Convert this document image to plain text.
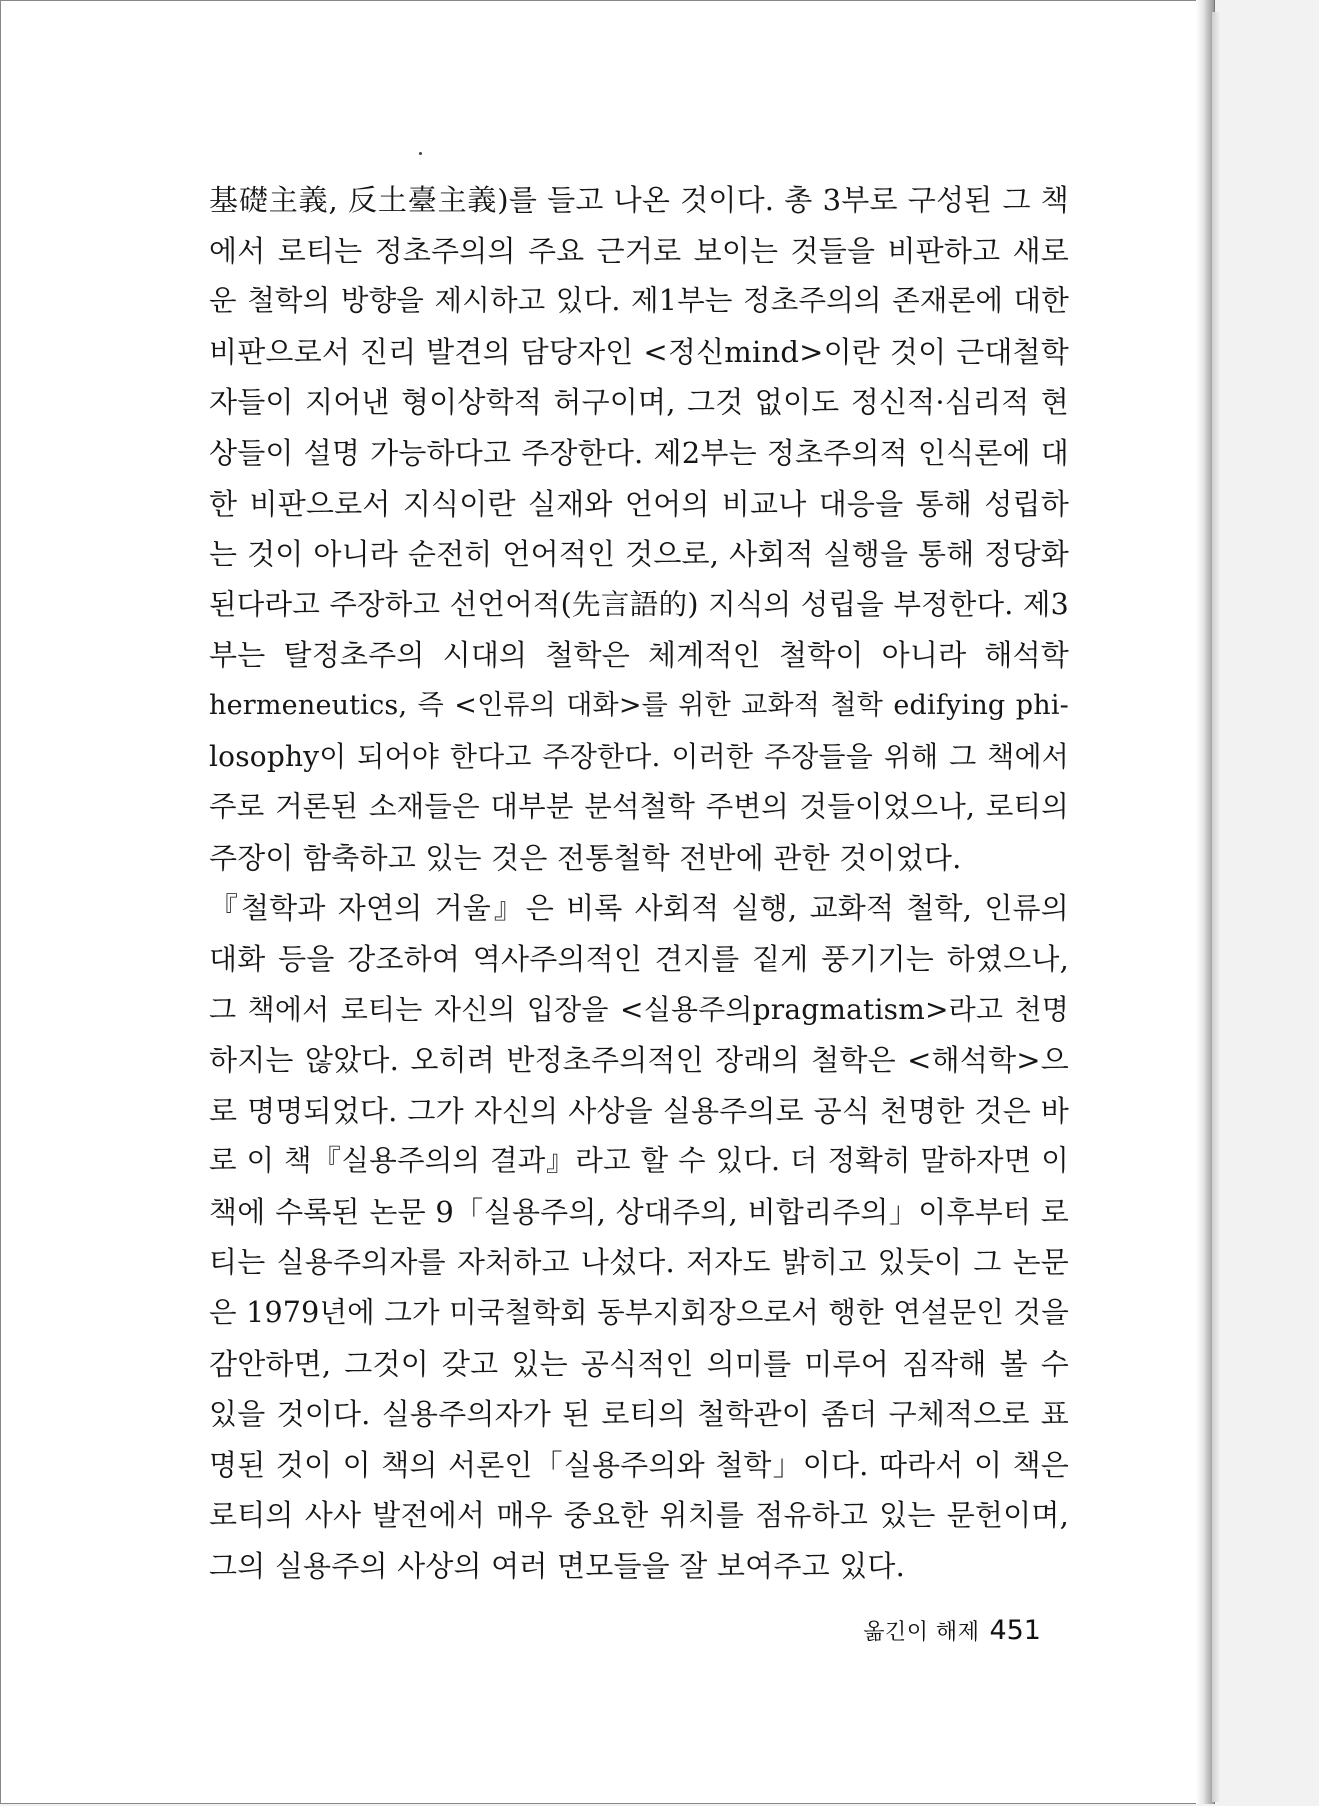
基礎主義, 反土臺主義)를 들고 나온 것이다. 총 3부로 구성된 그 책
에서 로티는 정초주의의 주요 근거로 보이는 것들을 비판하고 새로
운 철학의 방향을 제시하고 있다. 제1부는 정초주의의 존재론에 대한
비판으로서 진리 발견의 담당자인 <정신mind>이란 것이 근대철학
자들이 지어낸 형이상학적 허구이며, 그것 없이도 정신적·심리적 현
상들이 설명 가능하다고 주장한다. 제2부는 정초주의적 인식론에 대
한 비판으로서 지식이란 실재와 언어의 비교나 대응을 통해 성립하
는 것이 아니라 순전히 언어적인 것으로, 사회적 실행을 통해 정당화
된다라고 주장하고 선언어적(先言語的) 지식의 성립을 부정한다. 제3
부는 탈정초주의 시대의 철학은 체계적인 철학이 아니라 해석학
hermeneutics, 즉 <인류의 대화>를 위한 교화적 철학 edifying phi-
losophy이 되어야 한다고 주장한다. 이러한 주장들을 위해 그 책에서
주로 거론된 소재들은 대부분 분석철학 주변의 것들이었으나, 로티의
주장이 함축하고 있는 것은 전통철학 전반에 관한 것이었다.
『철학과 자연의 거울』은 비록 사회적 실행, 교화적 철학, 인류의
대화 등을 강조하여 역사주의적인 견지를 짙게 풍기기는 하였으나,
그 책에서 로티는 자신의 입장을 <실용주의pragmatism>라고 천명
하지는 않았다. 오히려 반정초주의적인 장래의 철학은 <해석학>으
로 명명되었다. 그가 자신의 사상을 실용주의로 공식 천명한 것은 바
로 이 책『실용주의의 결과』라고 할 수 있다. 더 정확히 말하자면 이
책에 수록된 논문 9「실용주의, 상대주의, 비합리주의」이후부터 로
티는 실용주의자를 자처하고 나섰다. 저자도 밝히고 있듯이 그 논문
은 1979년에 그가 미국철학회 동부지회장으로서 행한 연설문인 것을
감안하면, 그것이 갖고 있는 공식적인 의미를 미루어 짐작해 볼 수
있을 것이다. 실용주의자가 된 로티의 철학관이 좀더 구체적으로 표
명된 것이 이 책의 서론인「실용주의와 철학」이다. 따라서 이 책은
로티의 사사 발전에서 매우 중요한 위치를 점유하고 있는 문헌이며,
그의 실용주의 사상의 여러 면모들을 잘 보여주고 있다.
옮긴이 해제 451
